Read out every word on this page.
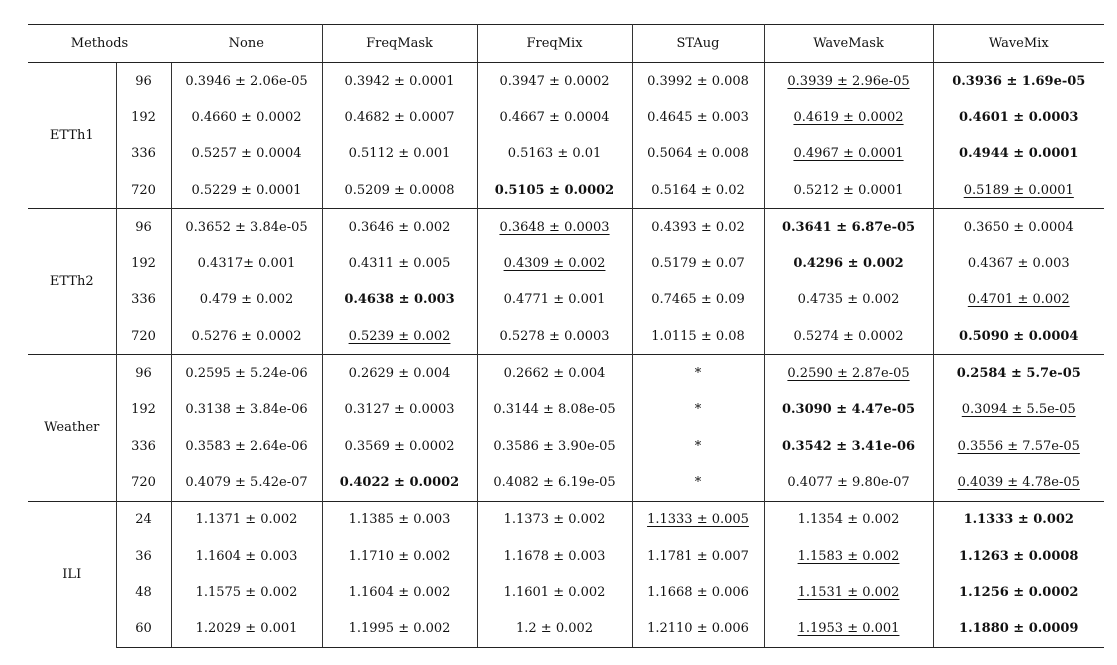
Methods		None	FreqMask	FreqMix	STAug	WaveMask	WaveMix
ETTh1	96	0.3946 ± 2.06e-05	0.3942 ± 0.0001	0.3947 ± 0.0002	0.3992 ± 0.008	0.3939 ± 2.96e-05	0.3936 ± 1.69e-05
	192	0.4660 ± 0.0002	0.4682 ± 0.0007	0.4667 ± 0.0004	0.4645 ± 0.003	0.4619 ± 0.0002	0.4601 ± 0.0003
	336	0.5257 ± 0.0004	0.5112 ± 0.001	0.5163 ± 0.01	0.5064 ± 0.008	0.4967 ± 0.0001	0.4944 ± 0.0001
	720	0.5229 ± 0.0001	0.5209 ± 0.0008	0.5105 ± 0.0002	0.5164 ± 0.02	0.5212 ± 0.0001	0.5189 ± 0.0001
ETTh2	96	0.3652 ± 3.84e-05	0.3646 ± 0.002	0.3648 ± 0.0003	0.4393 ± 0.02	0.3641 ± 6.87e-05	0.3650 ± 0.0004
	192	0.4317± 0.001	0.4311 ± 0.005	0.4309 ± 0.002	0.5179 ± 0.07	0.4296 ± 0.002	0.4367 ± 0.003
	336	0.479 ± 0.002	0.4638 ± 0.003	0.4771 ± 0.001	0.7465 ± 0.09	0.4735 ± 0.002	0.4701 ± 0.002
	720	0.5276 ± 0.0002	0.5239 ± 0.002	0.5278 ± 0.0003	1.0115 ± 0.08	0.5274 ± 0.0002	0.5090 ± 0.0004
Weather	96	0.2595 ± 5.24e-06	0.2629 ± 0.004	0.2662 ± 0.004	*	0.2590 ± 2.87e-05	0.2584 ± 5.7e-05
	192	0.3138 ± 3.84e-06	0.3127 ± 0.0003	0.3144 ± 8.08e-05	*	0.3090 ± 4.47e-05	0.3094 ± 5.5e-05
	336	0.3583 ± 2.64e-06	0.3569 ± 0.0002	0.3586 ± 3.90e-05	*	0.3542 ± 3.41e-06	0.3556 ± 7.57e-05
	720	0.4079 ± 5.42e-07	0.4022 ± 0.0002	0.4082 ± 6.19e-05	*	0.4077 ± 9.80e-07	0.4039 ± 4.78e-05
ILI	24	1.1371 ± 0.002	1.1385 ± 0.003	1.1373 ± 0.002	1.1333 ± 0.005	1.1354 ± 0.002	1.1333 ± 0.002
	36	1.1604 ± 0.003	1.1710 ± 0.002	1.1678 ± 0.003	1.1781 ± 0.007	1.1583 ± 0.002	1.1263 ± 0.0008
	48	1.1575 ± 0.002	1.1604 ± 0.002	1.1601 ± 0.002	1.1668 ± 0.006	1.1531 ± 0.002	1.1256 ± 0.0002
	60	1.2029 ± 0.001	1.1995 ± 0.002	1.2 ± 0.002	1.2110 ± 0.006	1.1953 ± 0.001	1.1880 ± 0.0009
